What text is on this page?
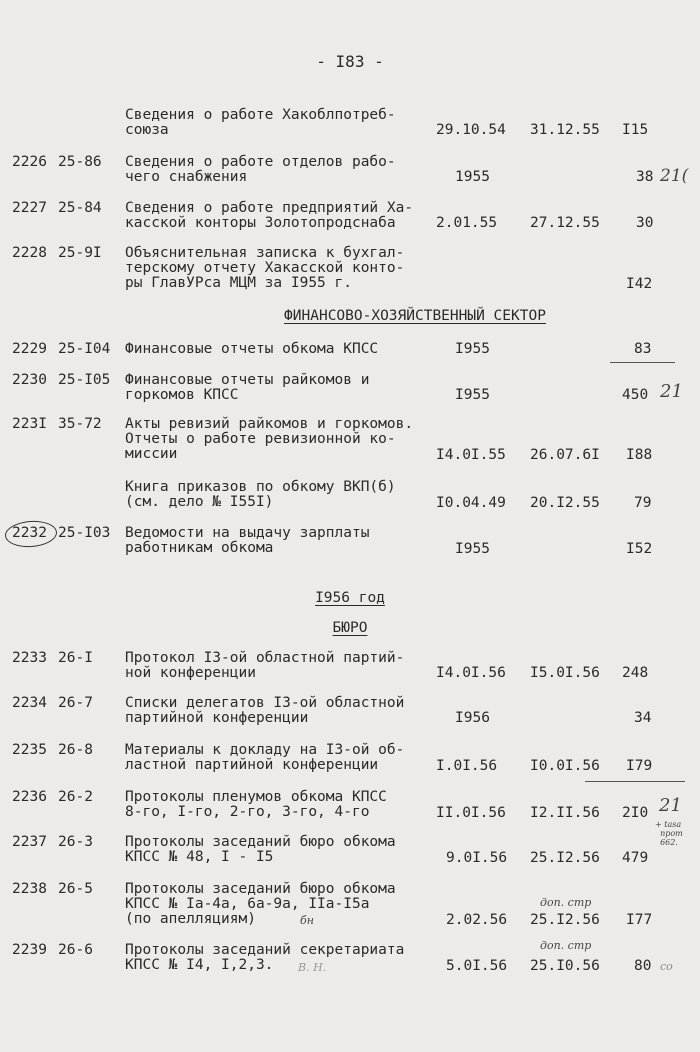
- I83 -
Сведения о работе Хакоблпотреб-
союза	29.10.54 31.12.55 I15
2226 25-86 Сведения о работе отделов рабо-
чего снабжения	1955	38
2227 25-84 Сведения о работе предприятий Ха-
касской конторы Золотопродснаба	2.01.55 27.12.55 30
2228 25-9I Объяснительная записка к бухгал-
терскому отчету Хакасской конто-
ры ГлавУРса МЦМ за I955 г.	I42
ФИНАНСОВО-ХОЗЯЙСТВЕННЫЙ СЕКТОР
2229 25-I04 Финансовые отчеты обкома КПСС	I955	83
2230 25-I05 Финансовые отчеты райкомов и
горкомов КПСС	I955	450
223I 35-72 Акты ревизий райкомов и горкомов.
Отчеты о работе ревизионной ко-
миссии	I4.0I.55 26.07.6I I88
Книга приказов по обкому ВКП(б)
(см. дело № I55I)	I0.04.49 20.I2.55 79
2232 25-I03 Ведомости на выдачу зарплаты
работникам обкома	I955	I52
I956 год
БЮРО
2233 26-I Протокол I3-ой областной партий-
ной конференции	I4.0I.56 I5.0I.56 248
2234 26-7 Списки делегатов I3-ой областной
партийной конференции	I956	34
2235 26-8 Материалы к докладу на I3-ой об-
ластной партийной конференции	I.0I.56 I0.0I.56 I79
2236 26-2 Протоколы пленумов обкома КПСС
8-го, I-го, 2-го, 3-го, 4-го	II.0I.56 I2.II.56 2I0
2237 26-3 Протоколы заседаний бюро обкома
КПСС № 48, I - I5	9.0I.56 25.I2.56 479
2238 26-5 Протоколы заседаний бюро обкома
КПСС № Iа-4а, 6а-9а, IIа-I5а
(по апелляциям)	2.02.56 25.I2.56 I77
2239 26-6 Протоколы заседаний секретариата
КПСС № I4, I,2,3.	5.0I.56 25.I0.56 80
21(
21
21
+ tasa
прот
662.
бн
доп. стр
доп. стр
В. Н.	со
